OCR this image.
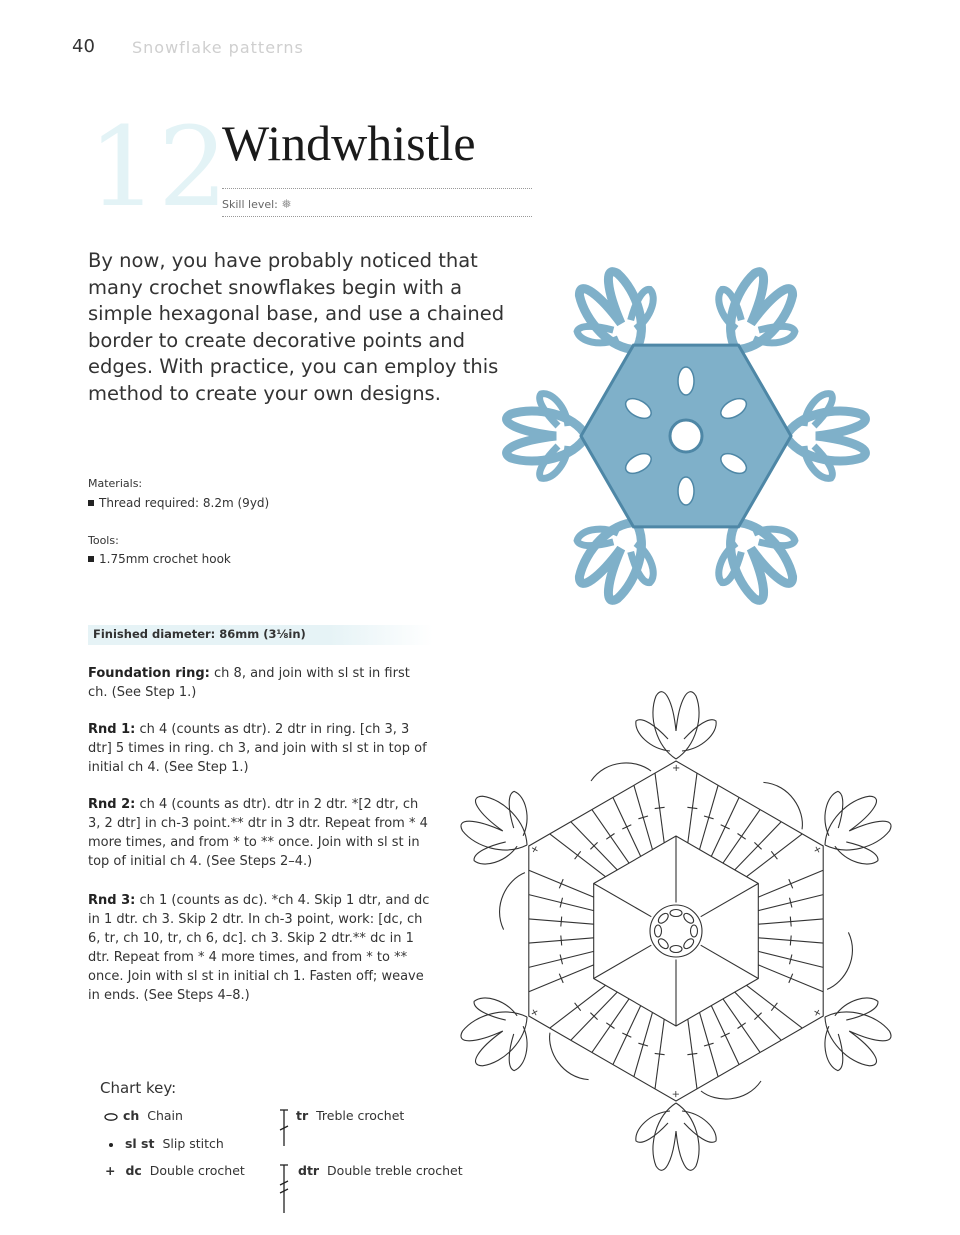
40 Snowflake patterns
12
Windwhistle
Skill level: ❅
By now, you have probably noticed that many crochet snowflakes begin with a simple hexagonal base, and use a chained border to create decorative points and edges. With practice, you can employ this method to create your own designs.
Materials:
Thread required: 8.2m (9yd)
Tools:
1.75mm crochet hook
Finished diameter: 86mm (3⅛in)
Foundation ring: ch 8, and join with sl st in first ch. (See Step 1.)
Rnd 1: ch 4 (counts as dtr). 2 dtr in ring. [ch 3, 3 dtr] 5 times in ring. ch 3, and join with sl st in top of initial ch 4. (See Step 1.)
Rnd 2: ch 4 (counts as dtr). dtr in 2 dtr. *[2 dtr, ch 3, 2 dtr] in ch-3 point.** dtr in 3 dtr. Repeat from * 4 more times, and from * to ** once. Join with sl st in top of initial ch 4. (See Steps 2–4.)
Rnd 3: ch 1 (counts as dc). *ch 4. Skip 1 dtr, and dc in 1 dtr. ch 3. Skip 2 dtr. In ch-3 point, work: [dc, ch 6, tr, ch 10, tr, ch 6, dc]. ch 3. Skip 2 dtr.** dc in 1 dtr. Repeat from * 4 more times, and from * to ** once. Join with sl st in initial ch 1. Fasten off; weave in ends. (See Steps 4–8.)
+
+
+
+
+
+
Chart key:
ch Chain
sl st Slip stitch
+ dc Double crochet
tr Treble crochet
dtr Double treble crochet
